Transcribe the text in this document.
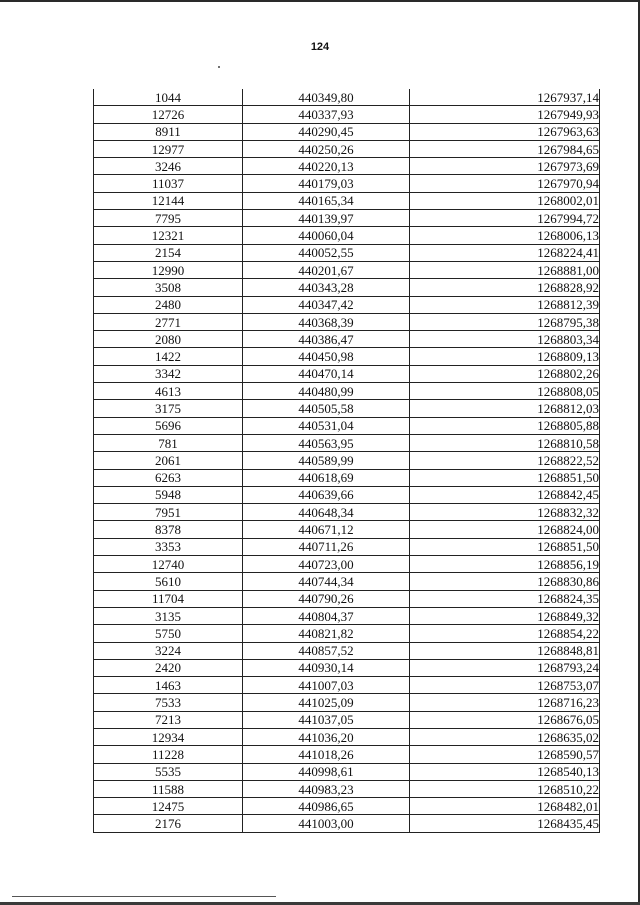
124
1044	440349,80	1267937,14
12726	440337,93	1267949,93
8911	440290,45	1267963,63
12977	440250,26	1267984,65
3246	440220,13	1267973,69
11037	440179,03	1267970,94
12144	440165,34	1268002,01
7795	440139,97	1267994,72
12321	440060,04	1268006,13
2154	440052,55	1268224,41
12990	440201,67	1268881,00
3508	440343,28	1268828,92
2480	440347,42	1268812,39
2771	440368,39	1268795,38
2080	440386,47	1268803,34
1422	440450,98	1268809,13
3342	440470,14	1268802,26
4613	440480,99	1268808,05
3175	440505,58	1268812,03
5696	440531,04	1268805,88
781	440563,95	1268810,58
2061	440589,99	1268822,52
6263	440618,69	1268851,50
5948	440639,66	1268842,45
7951	440648,34	1268832,32
8378	440671,12	1268824,00
3353	440711,26	1268851,50
12740	440723,00	1268856,19
5610	440744,34	1268830,86
11704	440790,26	1268824,35
3135	440804,37	1268849,32
5750	440821,82	1268854,22
3224	440857,52	1268848,81
2420	440930,14	1268793,24
1463	441007,03	1268753,07
7533	441025,09	1268716,23
7213	441037,05	1268676,05
12934	441036,20	1268635,02
11228	441018,26	1268590,57
5535	440998,61	1268540,13
11588	440983,23	1268510,22
12475	440986,65	1268482,01
2176	441003,00	1268435,45
